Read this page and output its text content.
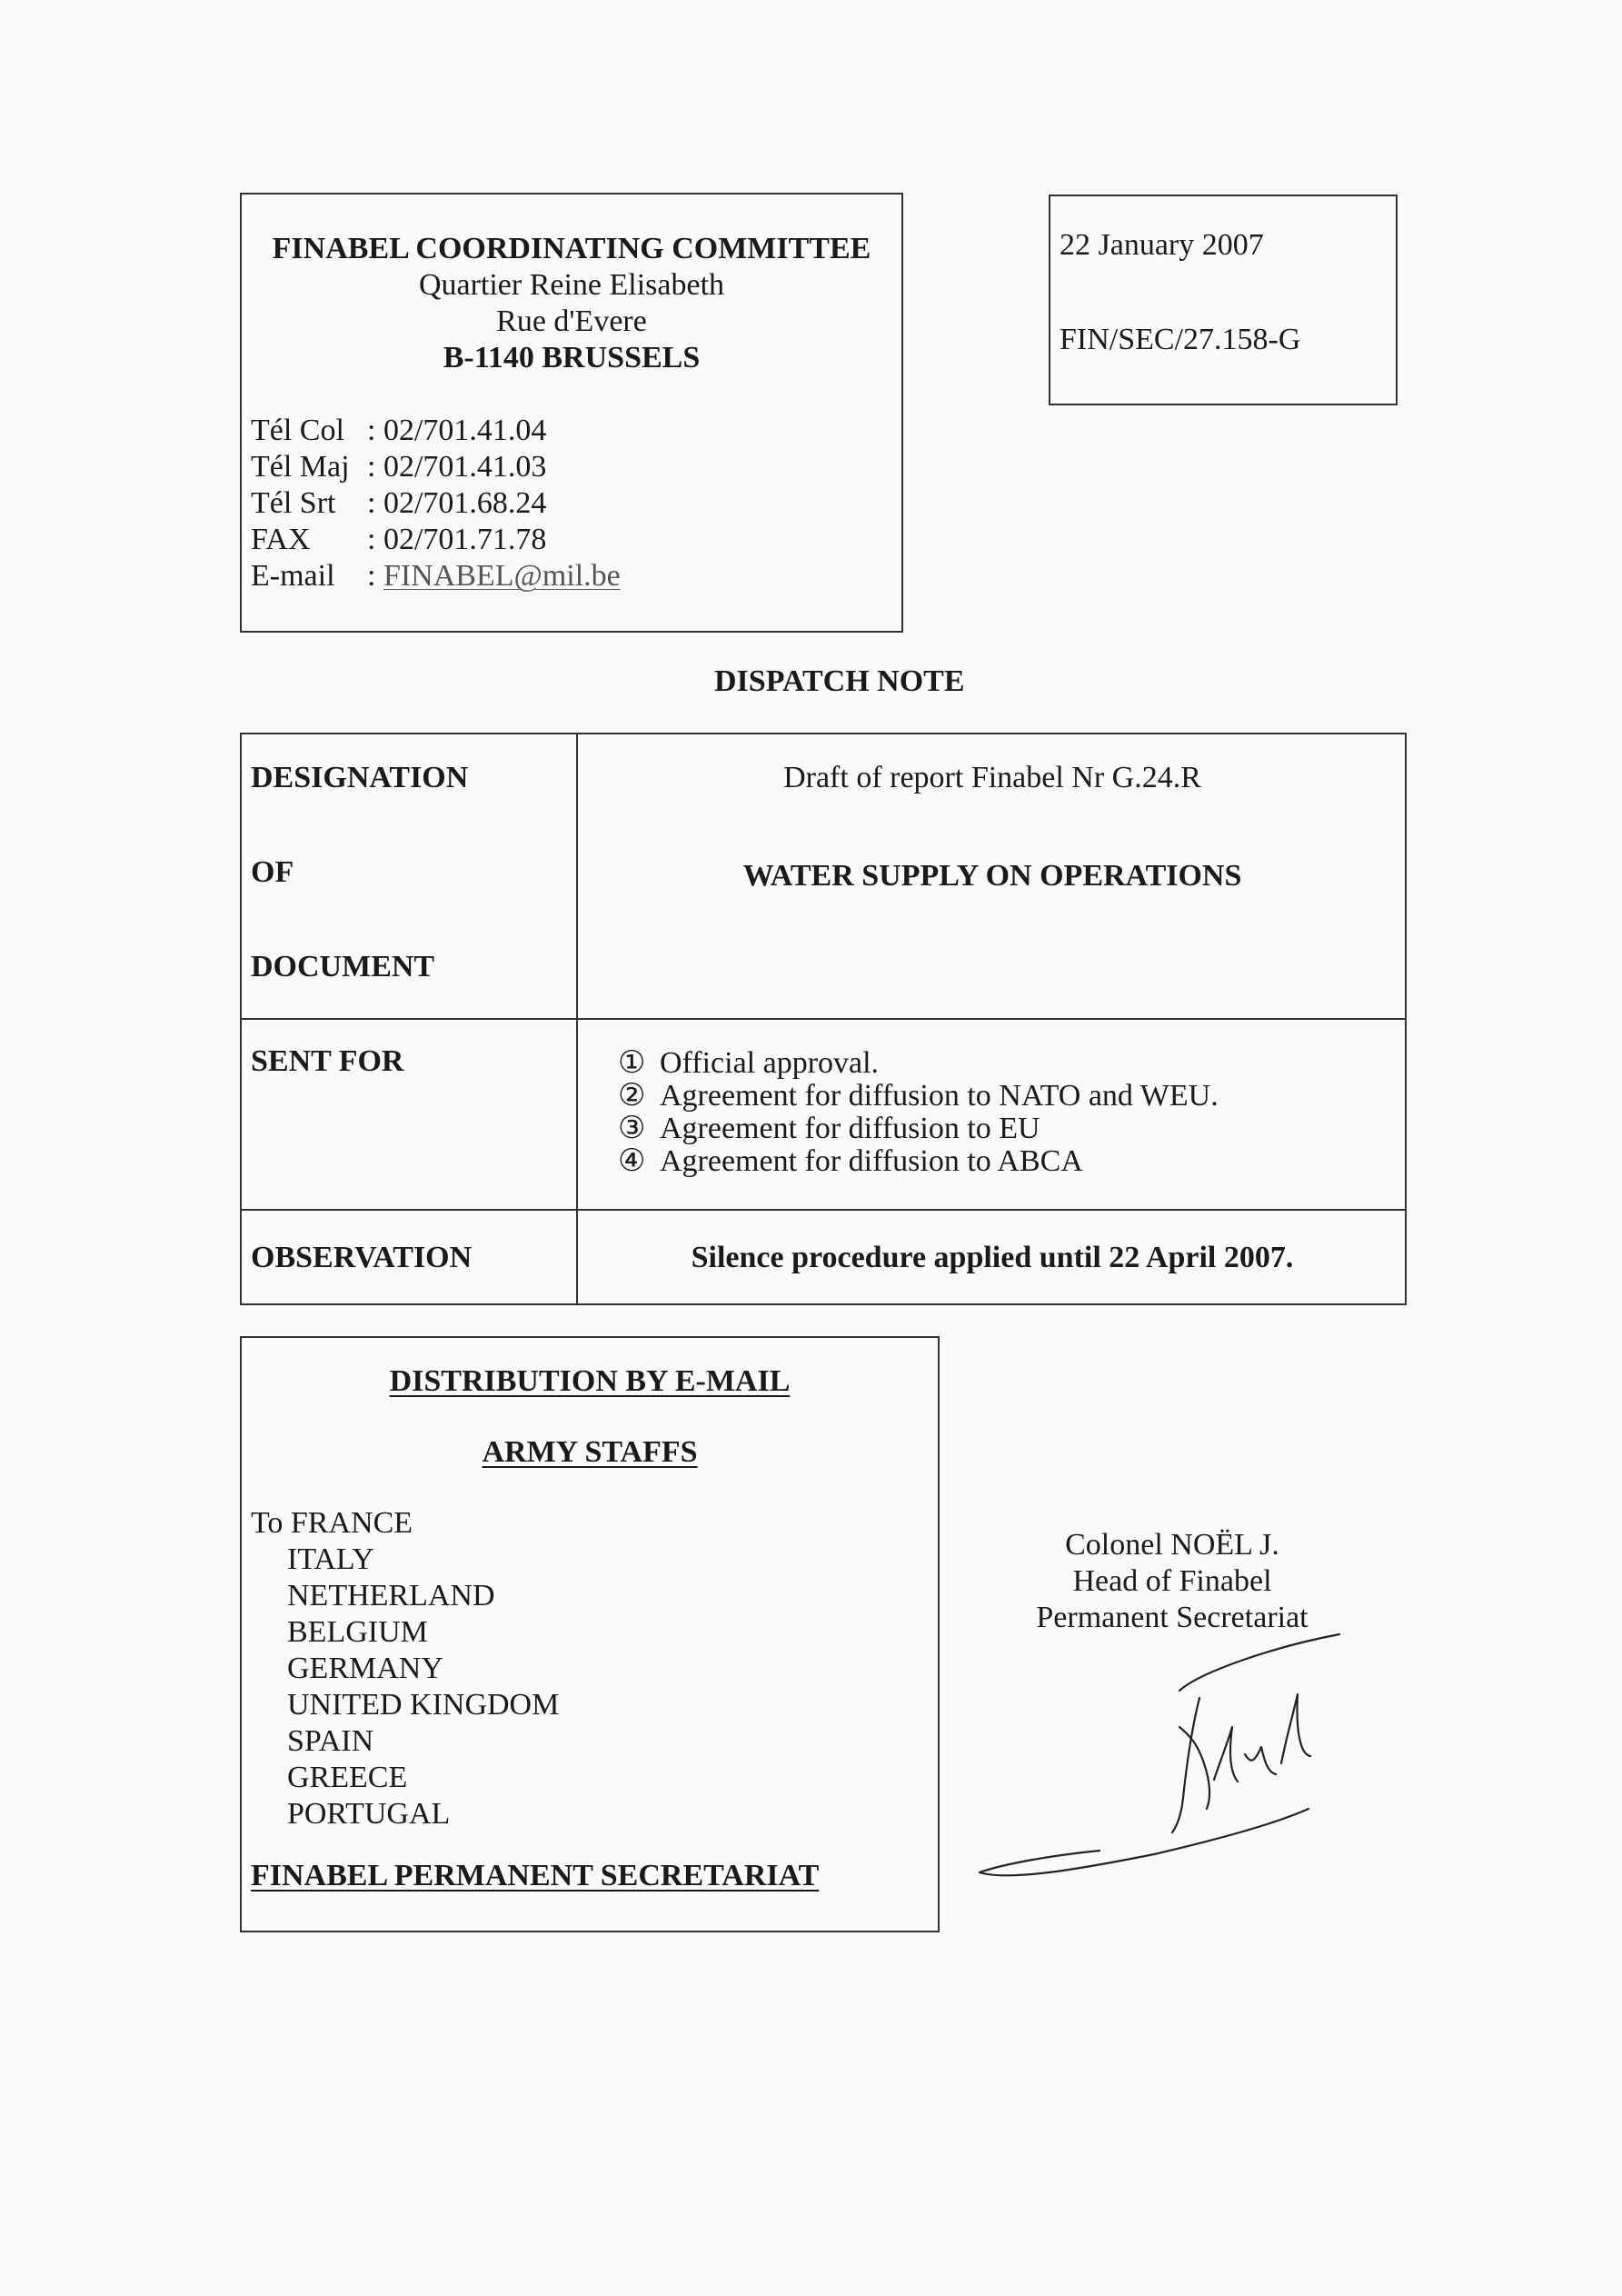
FINABEL COORDINATING COMMITTEE
Quartier Reine Elisabeth
Rue d'Evere
B-1140 BRUSSELS
Tél Col : 02/701.41.04
Tél Maj : 02/701.41.03
Tél Srt : 02/701.68.24
FAX : 02/701.71.78
E-mail : FINABEL@mil.be
22 January 2007
FIN/SEC/27.158-G
DISPATCH NOTE
DESIGNATION
OF
DOCUMENT
Draft of report Finabel Nr G.24.R
WATER SUPPLY ON OPERATIONS
SENT FOR	① Official approval.
② Agreement for diffusion to NATO and WEU.
③ Agreement for diffusion to EU
④ Agreement for diffusion to ABCA
OBSERVATION	Silence procedure applied until 22 April 2007.
DISTRIBUTION BY E-MAIL
ARMY STAFFS
To FRANCE
ITALY
NETHERLAND
BELGIUM
GERMANY
UNITED KINGDOM
SPAIN
GREECE
PORTUGAL
FINABEL PERMANENT SECRETARIAT
Colonel NOËL J.
Head of Finabel
Permanent Secretariat
